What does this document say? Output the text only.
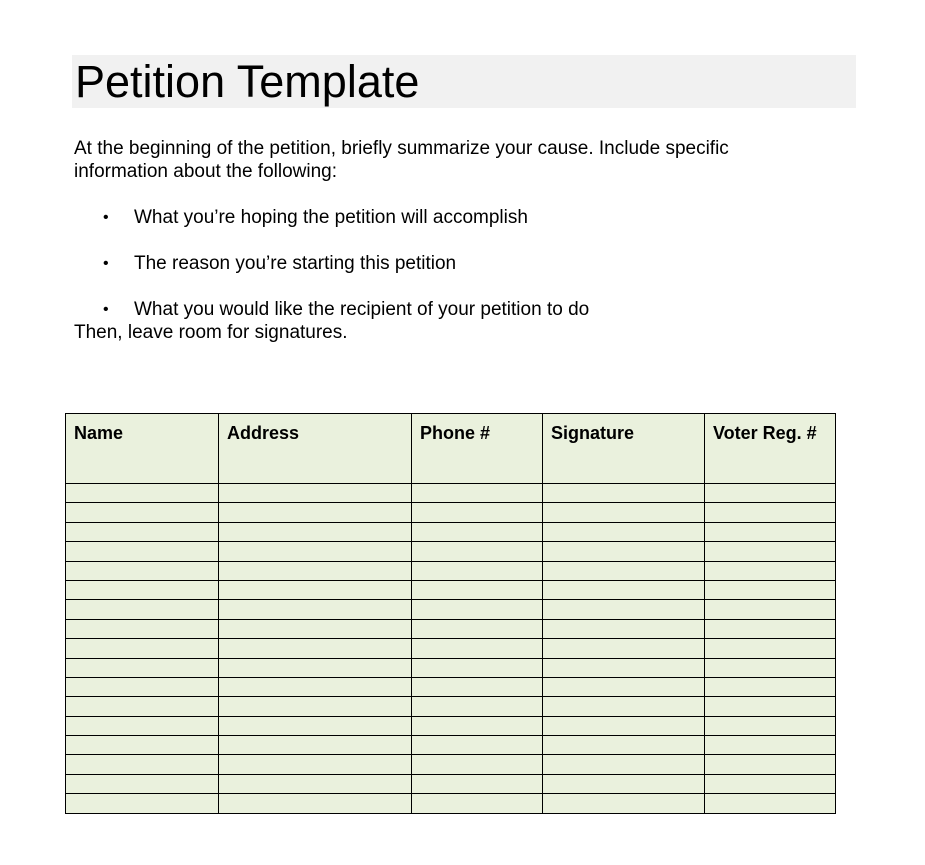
Petition Template

At the beginning of the petition, briefly summarize your cause. Include specific information about the following:

• What you’re hoping the petition will accomplish
• The reason you’re starting this petition
• What you would like the recipient of your petition to do

Then, leave room for signatures.

Name	Address	Phone #	Signature	Voter Reg. #
